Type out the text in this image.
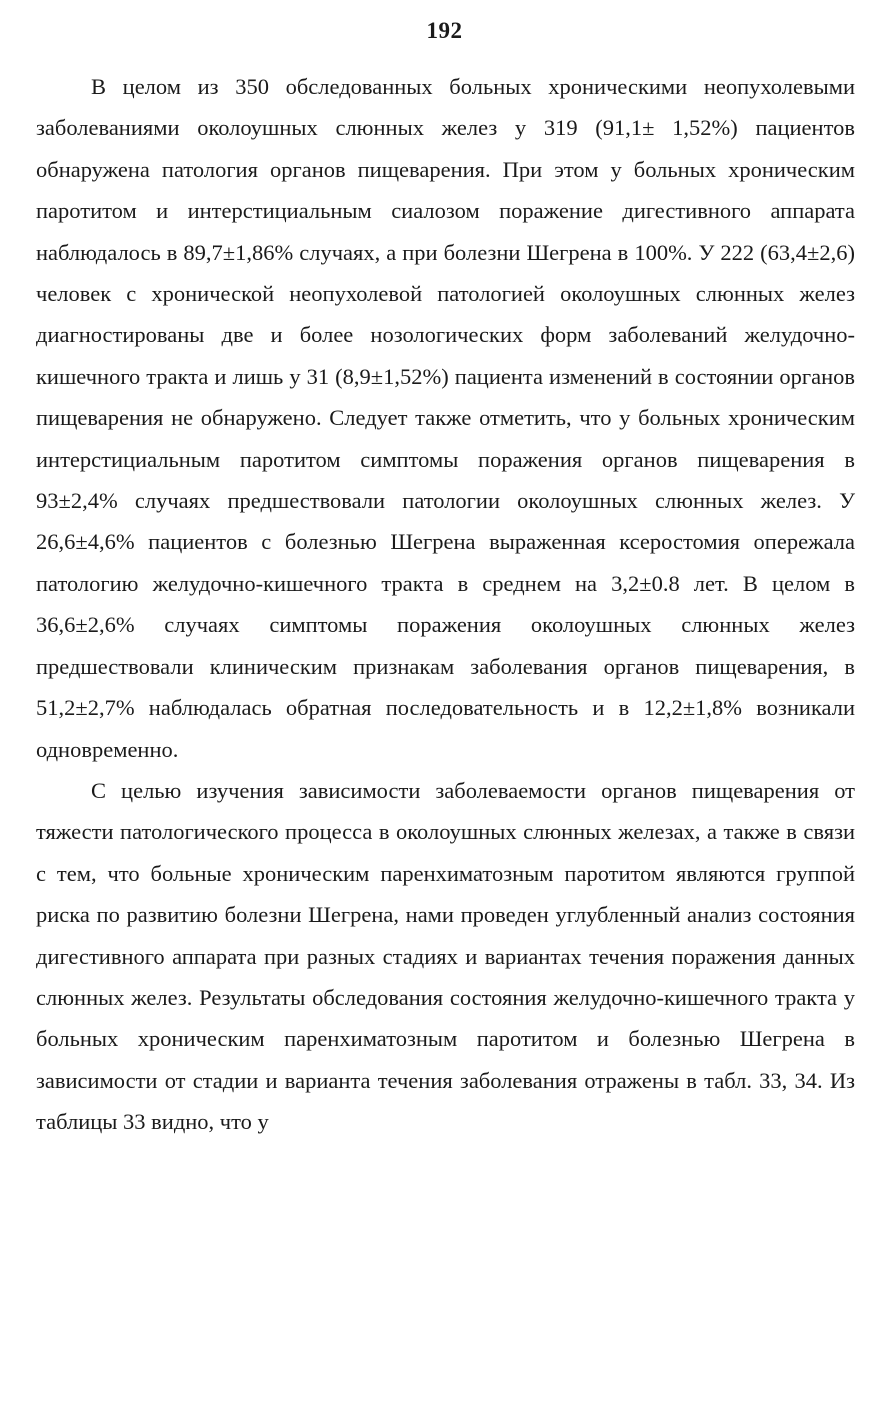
192

В целом из 350 обследованных больных хроническими неопухолевыми заболеваниями околоушных слюнных желез у 319 (91,1± 1,52%) пациентов обнаружена патология органов пищеварения. При этом у больных хроническим паротитом и интерстициальным сиалозом поражение дигестивного аппарата наблюдалось в 89,7±1,86% случаях, а при болезни Шегрена в 100%. У 222 (63,4±2,6) человек с хронической неопухолевой патологией околоушных слюнных желез диагностированы две и более нозологических форм заболеваний желудочно-кишечного тракта и лишь у 31 (8,9±1,52%) пациента изменений в состоянии органов пищеварения не обнаружено. Следует также отметить, что у больных хроническим интерстициальным паротитом симптомы поражения органов пищеварения в 93±2,4% случаях предшествовали патологии околоушных слюнных желез. У 26,6±4,6% пациентов с болезнью Шегрена выраженная ксеростомия опережала патологию желудочно-кишечного тракта в среднем на 3,2±0.8 лет. В целом в 36,6±2,6% случаях симптомы поражения околоушных слюнных желез предшествовали клиническим признакам заболевания органов пищеварения, в 51,2±2,7% наблюдалась обратная последовательность и в 12,2±1,8% возникали одновременно.

С целью изучения зависимости заболеваемости органов пищеварения от тяжести патологического процесса в околоушных слюнных железах, а также в связи с тем, что больные хроническим паренхиматозным паротитом являются группой риска по развитию болезни Шегрена, нами проведен углубленный анализ состояния дигестивного аппарата при разных стадиях и вариантах течения поражения данных слюнных желез. Результаты обследования состояния желудочно-кишечного тракта у больных хроническим паренхиматозным паротитом и болезнью Шегрена в зависимости от стадии и варианта течения заболевания отражены в табл. 33, 34. Из таблицы 33 видно, что у
